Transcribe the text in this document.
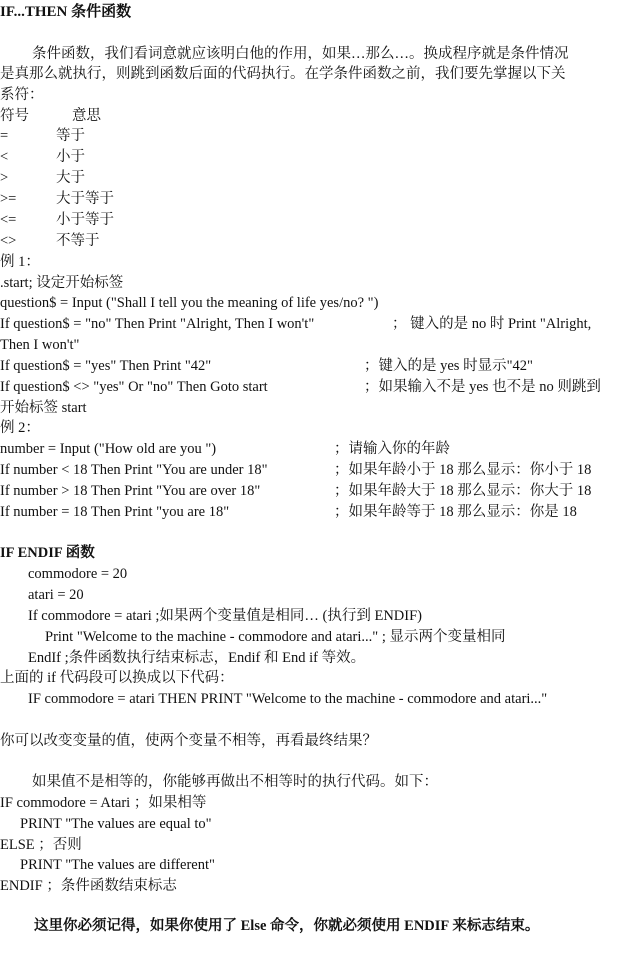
IF...THEN 条件函数
条件函数，我们看词意就应该明白他的作用，如果…那么…。换成程序就是条件情况
是真那么就执行，则跳到函数后面的代码执行。在学条件函数之前，我们要先掌握以下关
系符：
符号	意思
=	等于
<	小于
>	大于
>=	大于等于
<=	小于等于
<>	不等于
例 1：
.start; 设定开始标签
question$ = Input ("Shall I tell you the meaning of life yes/no? ")
If question$ = "no" Then Print "Alright, Then I won't"	； 键入的是 no 时 Print "Alright,
Then I won't"
If question$ = "yes" Then Print "42"	；键入的是 yes 时显示"42"
If question$ <> "yes" Or "no" Then Goto start	；如果输入不是 yes 也不是 no 则跳到
开始标签 start
例 2：
number = Input ("How old are you ")	；请输入你的年龄
If number < 18 Then Print "You are under 18"	；如果年龄小于 18 那么显示：你小于 18
If number > 18 Then Print "You are over 18"	；如果年龄大于 18 那么显示：你大于 18
If number = 18 Then Print "you are 18"	；如果年龄等于 18 那么显示：你是 18
IF ENDIF 函数
commodore = 20
atari = 20
If commodore = atari ;如果两个变量值是相同… (执行到 ENDIF)
Print "Welcome to the machine - commodore and atari..." ; 显示两个变量相同
EndIf ;条件函数执行结束标志，Endif 和 End if 等效。
上面的 if 代码段可以换成以下代码：
IF commodore = atari THEN PRINT "Welcome to the machine - commodore and atari..."
你可以改变变量的值，使两个变量不相等，再看最终结果？
如果值不是相等的，你能够再做出不相等时的执行代码。如下：
IF commodore = Atari ；如果相等
PRINT "The values are equal to"
ELSE ；否则
PRINT "The values are different"
ENDIF ；条件函数结束标志
这里你必须记得，如果你使用了 Else 命令，你就必须使用 ENDIF 来标志结束。
